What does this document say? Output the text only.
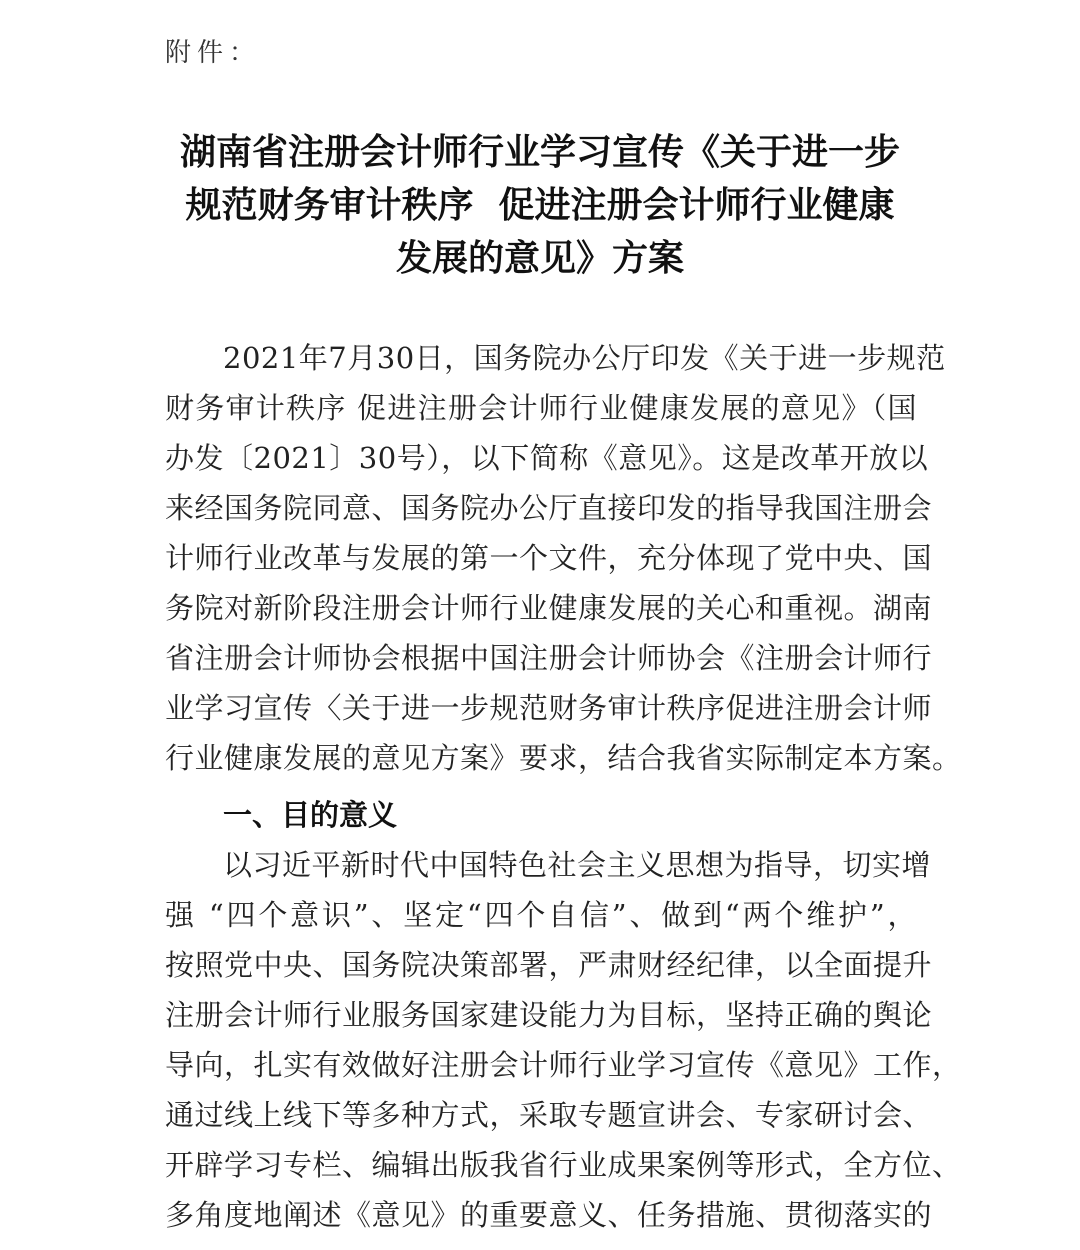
附件：
湖南省注册会计师行业学习宣传《关于进一步
规范财务审计秩序  促进注册会计师行业健康
发展的意见》方案
2021年7月30日，国务院办公厅印发《关于进一步规范
财务审计秩序 促进注册会计师行业健康发展的意见》（国
办发〔2021〕30号），以下简称《意见》。这是改革开放以
来经国务院同意、国务院办公厅直接印发的指导我国注册会
计师行业改革与发展的第一个文件，充分体现了党中央、国
务院对新阶段注册会计师行业健康发展的关心和重视。湖南
省注册会计师协会根据中国注册会计师协会《注册会计师行
业学习宣传〈关于进一步规范财务审计秩序促进注册会计师
行业健康发展的意见方案》要求，结合我省实际制定本方案。
一、目的意义
以习近平新时代中国特色社会主义思想为指导，切实增
强 “四个意识”、坚定“四个自信”、做到“两个维护”，
按照党中央、国务院决策部署，严肃财经纪律，以全面提升
注册会计师行业服务国家建设能力为目标，坚持正确的舆论
导向，扎实有效做好注册会计师行业学习宣传《意见》工作，
通过线上线下等多种方式，采取专题宣讲会、专家研讨会、
开辟学习专栏、编辑出版我省行业成果案例等形式，全方位、
多角度地阐述《意见》的重要意义、任务措施、贯彻落实的
